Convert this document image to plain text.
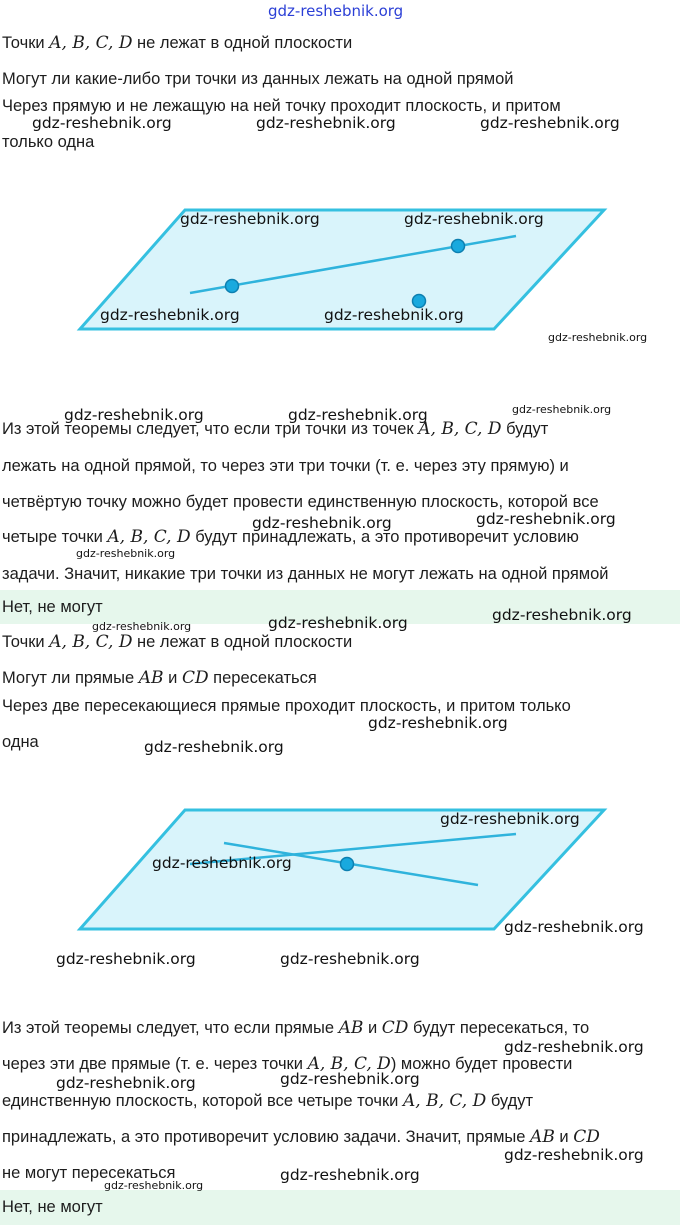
gdz-reshebnik.org
Точки A, B, C, D не лежат в одной плоскости
Могут ли какие-либо три точки из данных лежать на одной прямой
Через прямую и не лежащую на ней точку проходит плоскость, и притом
только одна
Из этой теоремы следует, что если три точки из точек A, B, C, D будут
лежать на одной прямой, то через эти три точки (т. е. через эту прямую) и
четвёртую точку можно будет провести единственную плоскость, которой все
четыре точки A, B, C, D будут принадлежать, а это противоречит условию
задачи. Значит, никакие три точки из данных не могут лежать на одной прямой
Нет, не могут
Точки A, B, C, D не лежат в одной плоскости
Могут ли прямые AB и CD пересекаться
Через две пересекающиеся прямые проходит плоскость, и притом только
одна
Из этой теоремы следует, что если прямые AB и CD будут пересекаться, то
через эти две прямые (т. е. через точки A, B, C, D) можно будет провести
единственную плоскость, которой все четыре точки A, B, C, D будут
принадлежать, а это противоречит условию задачи. Значит, прямые AB и CD
не могут пересекаться
Нет, не могут
gdz-reshebnik.org	gdz-reshebnik.org	gdz-reshebnik.org
gdz-reshebnik.org	gdz-reshebnik.org
gdz-reshebnik.org	gdz-reshebnik.org
gdz-reshebnik.org
gdz-reshebnik.org	gdz-reshebnik.org	gdz-reshebnik.org
gdz-reshebnik.org	gdz-reshebnik.org
gdz-reshebnik.org
gdz-reshebnik.org	gdz-reshebnik.org	gdz-reshebnik.org
gdz-reshebnik.org
gdz-reshebnik.org
gdz-reshebnik.org
gdz-reshebnik.org
gdz-reshebnik.org
gdz-reshebnik.org	gdz-reshebnik.org
gdz-reshebnik.org
gdz-reshebnik.org	gdz-reshebnik.org
gdz-reshebnik.org
gdz-reshebnik.org
gdz-reshebnik.org
